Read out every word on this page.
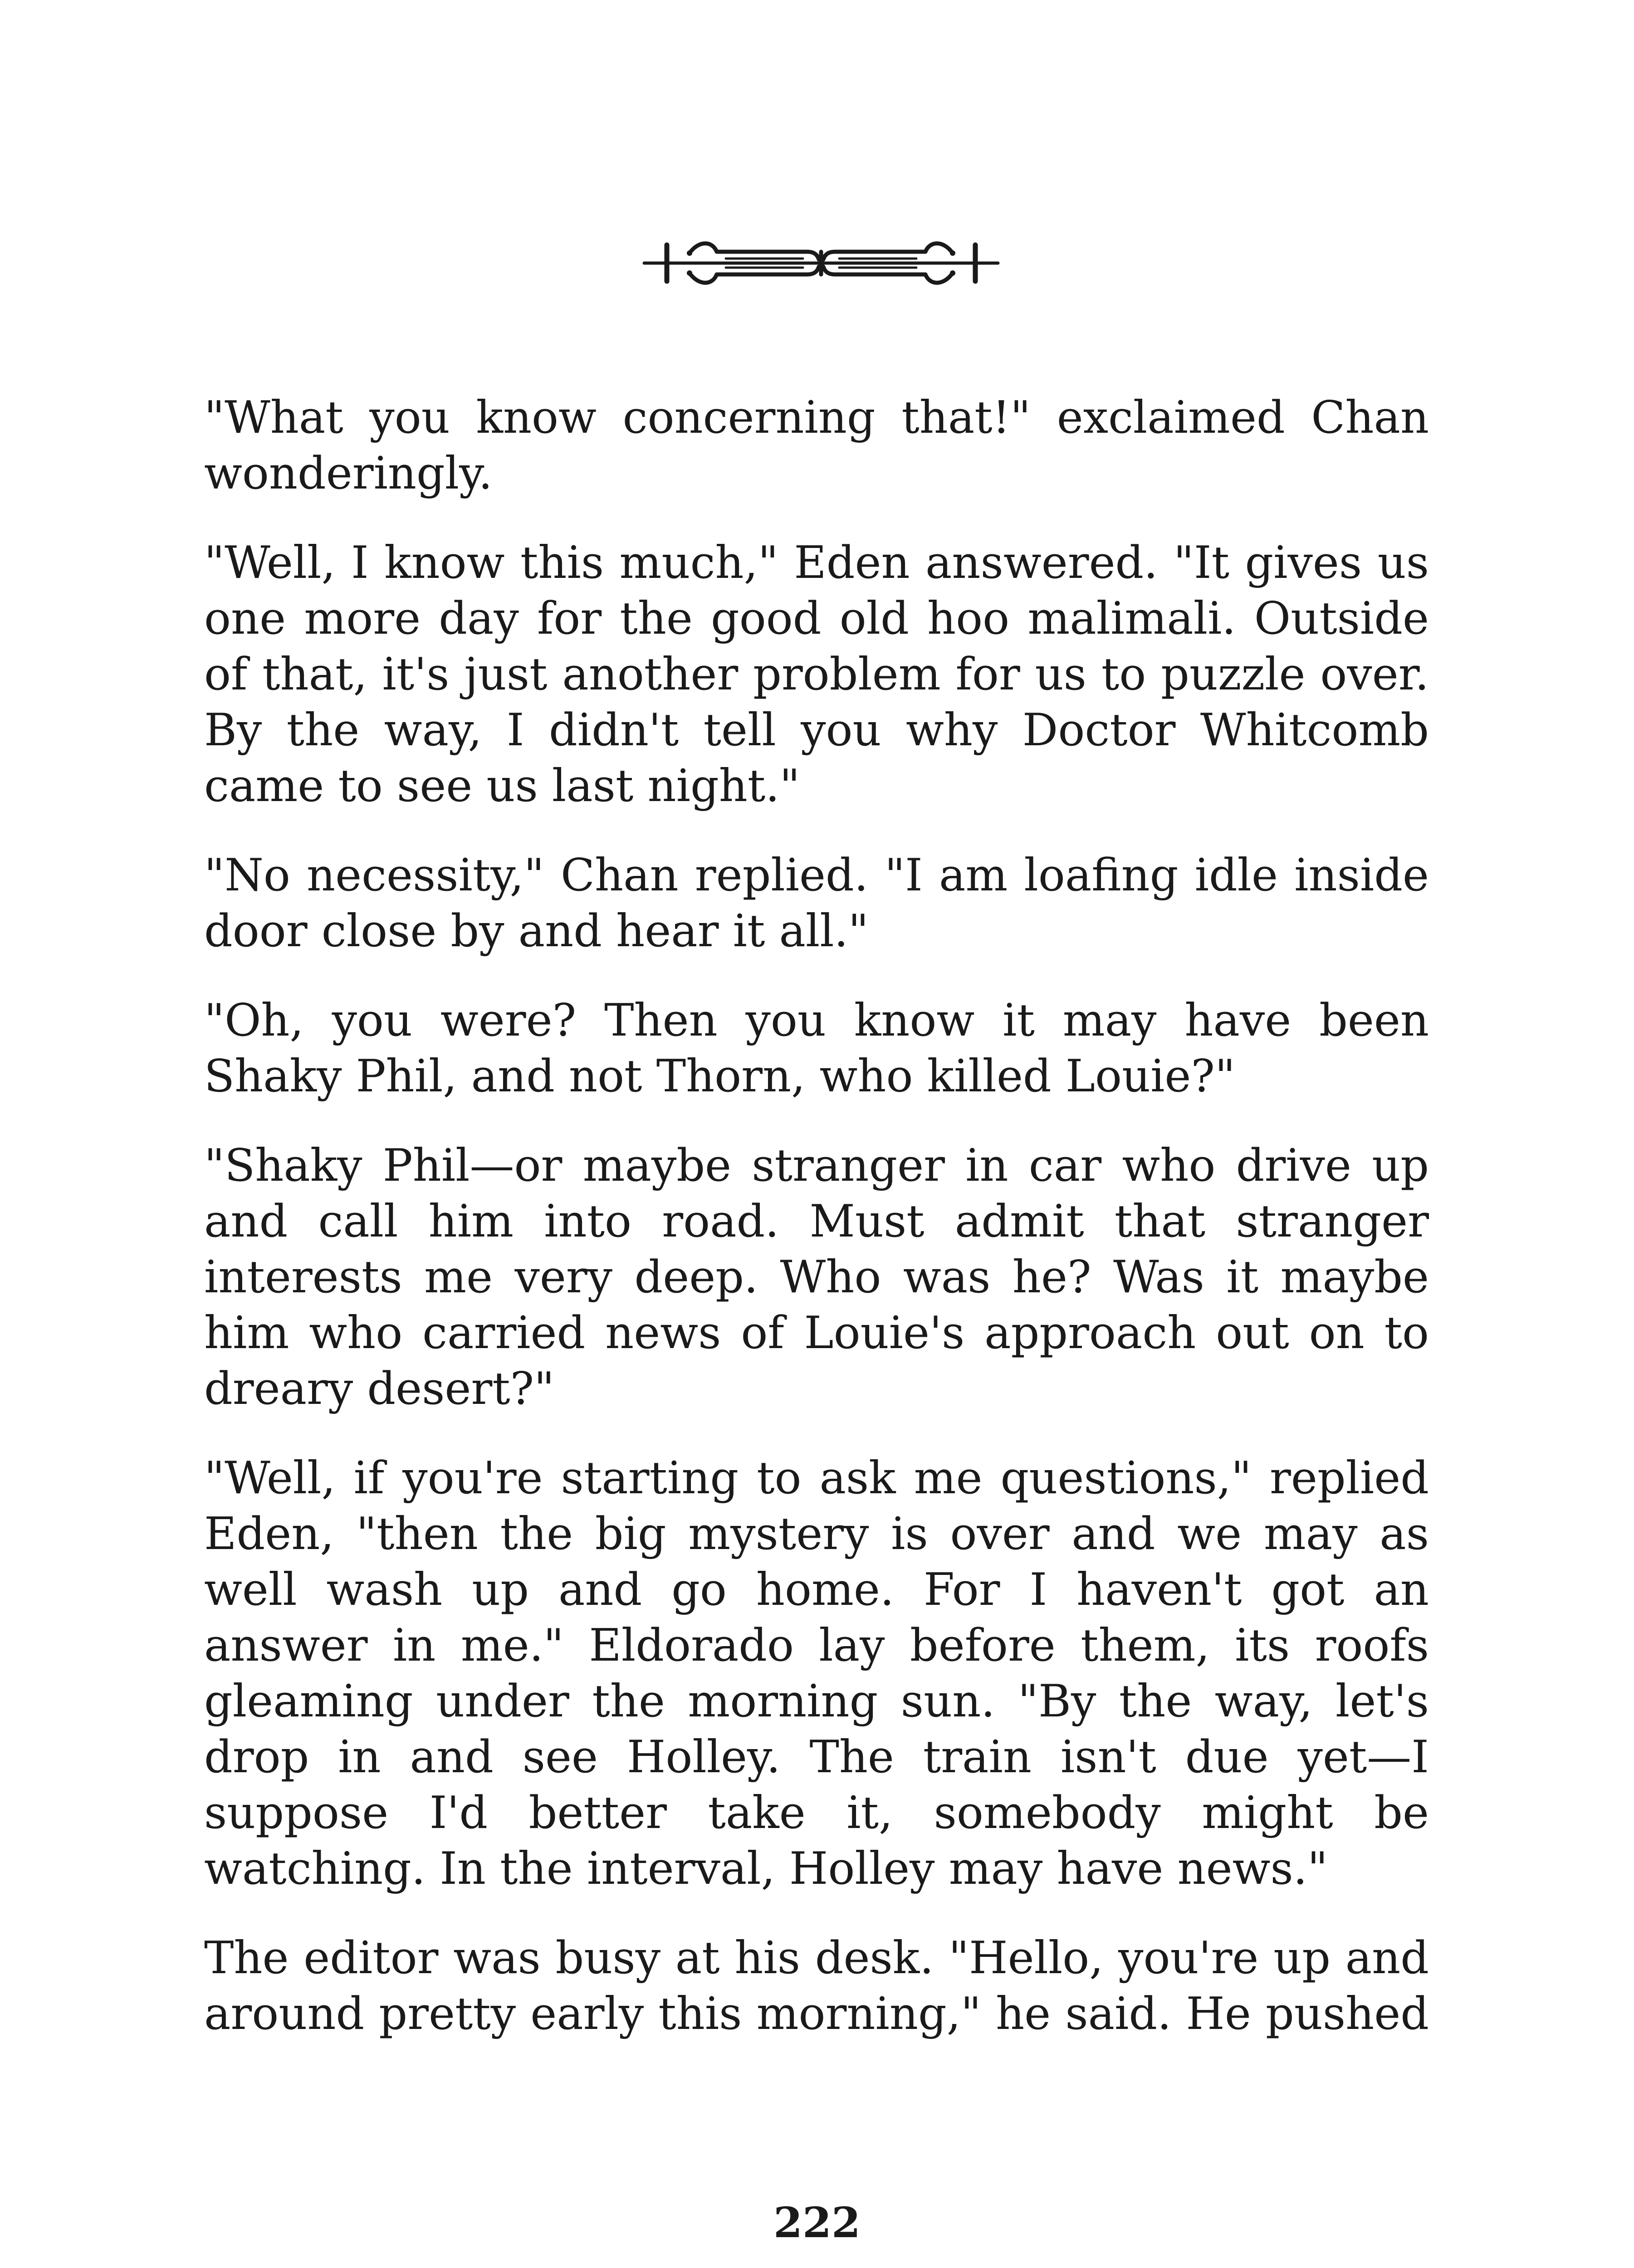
"What you know concerning that!" exclaimed Chan wonderingly.

"Well, I know this much," Eden answered. "It gives us one more day for the good old hoo malimali. Outside of that, it's just another problem for us to puzzle over. By the way, I didn't tell you why Doctor Whitcomb came to see us last night."

"No necessity," Chan replied. "I am loafing idle inside door close by and hear it all."

"Oh, you were? Then you know it may have been Shaky Phil, and not Thorn, who killed Louie?"

"Shaky Phil—or maybe stranger in car who drive up and call him into road. Must admit that stranger interests me very deep. Who was he? Was it maybe him who carried news of Louie's approach out on to dreary desert?"

"Well, if you're starting to ask me questions," replied Eden, "then the big mystery is over and we may as well wash up and go home. For I haven't got an answer in me." Eldorado lay before them, its roofs gleaming under the morning sun. "By the way, let's drop in and see Holley. The train isn't due yet—I suppose I'd better take it, somebody might be watching. In the interval, Holley may have news."

The editor was busy at his desk. "Hello, you're up and around pretty early this morning," he said. He pushed

222
